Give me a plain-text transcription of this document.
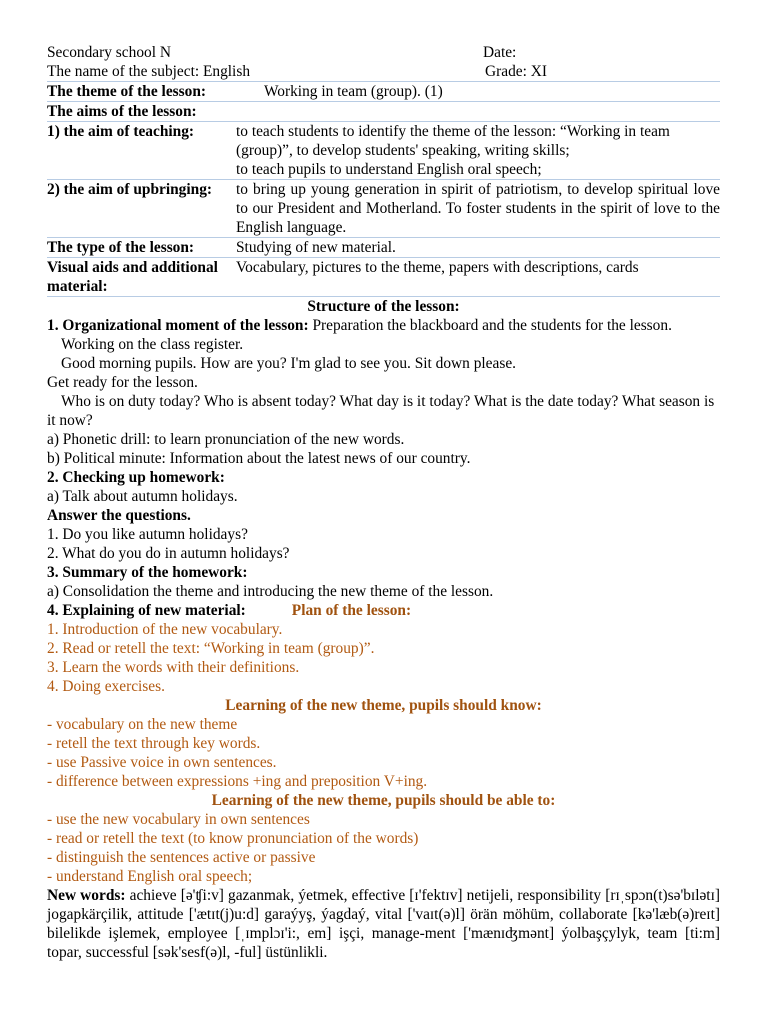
Secondary school N	Date:
The name of the subject: English	Grade: XI
The theme of the lesson:	Working in team (group). (1)
The aims of the lesson:	
1) the aim of teaching:	to teach students to identify the theme of the lesson: “Working in team (group)”, to develop students' speaking, writing skills;
to teach pupils to understand English oral speech;

2) the aim of upbringing:	to bring up young generation in spirit of patriotism, to develop spiritual love to our President and Motherland. To foster students in the spirit of love to the English language.
The type of the lesson:	Studying of new material.
Visual aids and additional material:	Vocabulary, pictures to the theme, papers with descriptions, cards

Structure of the lesson:

1. Organizational moment of the lesson: Preparation the blackboard and the students for the lesson.

Working on the class register.

Good morning pupils. How are you? I'm glad to see you. Sit down please.

Get ready for the lesson.

Who is on duty today? Who is absent today? What day is it today? What is the date today? What season is it now?

a) Phonetic drill: to learn pronunciation of the new words.

b) Political minute: Information about the latest news of our country.

2. Checking up homework:

a) Talk about autumn holidays.

Answer the questions.

1. Do you like autumn holidays?

2. What do you do in autumn holidays?

3. Summary of the homework:

a) Consolidation the theme and introducing the new theme of the lesson.

4. Explaining of new material:	Plan of the lesson:

1. Introduction of the new vocabulary.

2. Read or retell the text: “Working in team (group)”.

3. Learn the words with their definitions.

4. Doing exercises.

Learning of the new theme, pupils should know:

- vocabulary on the new theme

- retell the text through key words.

- use Passive voice in own sentences.

- difference between expressions +ing and preposition V+ing.

Learning of the new theme, pupils should be able to:

- use the new vocabulary in own sentences

- read or retell the text (to know pronunciation of the words)

- distinguish the sentences active or passive

- understand English oral speech;

New words: achieve [ə'ʧi:v] gazanmak, ýetmek, effective [ɪ'fektɪv] netijeli, responsibility [rɪˌspɔn(t)sə'bɪlətɪ] jogapkärçilik, attitude ['ætɪt(j)u:d] garaýyş, ýagdaý, vital ['vaɪt(ə)l] örän möhüm, collaborate [kə'læb(ə)reɪt] bilelikde işlemek, employee [ˌɪmplɔɪ'i:, em] işçi, manage-ment ['mænɪʤmənt] ýolbaşçylyk, team [ti:m] topar, successful [sək'sesf(ə)l, -ful] üstünlikli.
